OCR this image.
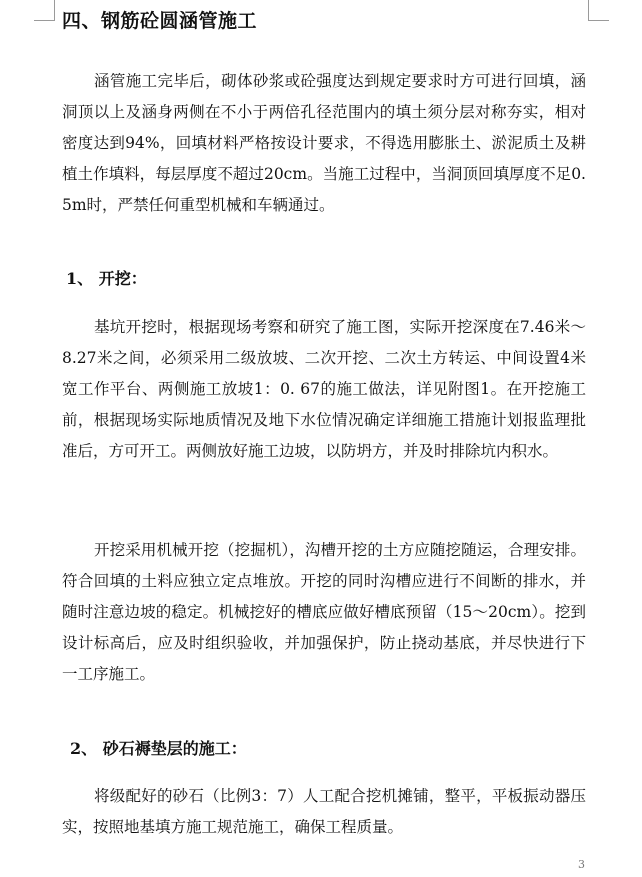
四、钢筋砼圆涵管施工

涵管施工完毕后，砌体砂浆或砼强度达到规定要求时方可进行回填，涵洞顶以上及涵身两侧在不小于两倍孔径范围内的填土须分层对称夯实，相对密度达到94%，回填材料严格按设计要求，不得选用膨胀土、淤泥质土及耕植土作填料，每层厚度不超过20cm。当施工过程中，当洞顶回填厚度不足0.5m时，严禁任何重型机械和车辆通过。

1、 开挖：

基坑开挖时，根据现场考察和研究了施工图，实际开挖深度在7.46米～8.27米之间，必须采用二级放坡、二次开挖、二次土方转运、中间设置4米宽工作平台、两侧施工放坡1：0. 67的施工做法，详见附图1。在开挖施工前，根据现场实际地质情况及地下水位情况确定详细施工措施计划报监理批准后，方可开工。两侧放好施工边坡，以防坍方，并及时排除坑内积水。

开挖采用机械开挖（挖掘机），沟槽开挖的土方应随挖随运，合理安排。符合回填的土料应独立定点堆放。开挖的同时沟槽应进行不间断的排水，并随时注意边坡的稳定。机械挖好的槽底应做好槽底预留（15～20cm）。挖到设计标高后，应及时组织验收，并加强保护，防止挠动基底，并尽快进行下一工序施工。

2、 砂石褥垫层的施工：

将级配好的砂石（比例3：7）人工配合挖机摊铺，整平，平板振动器压实，按照地基填方施工规范施工，确保工程质量。

3
